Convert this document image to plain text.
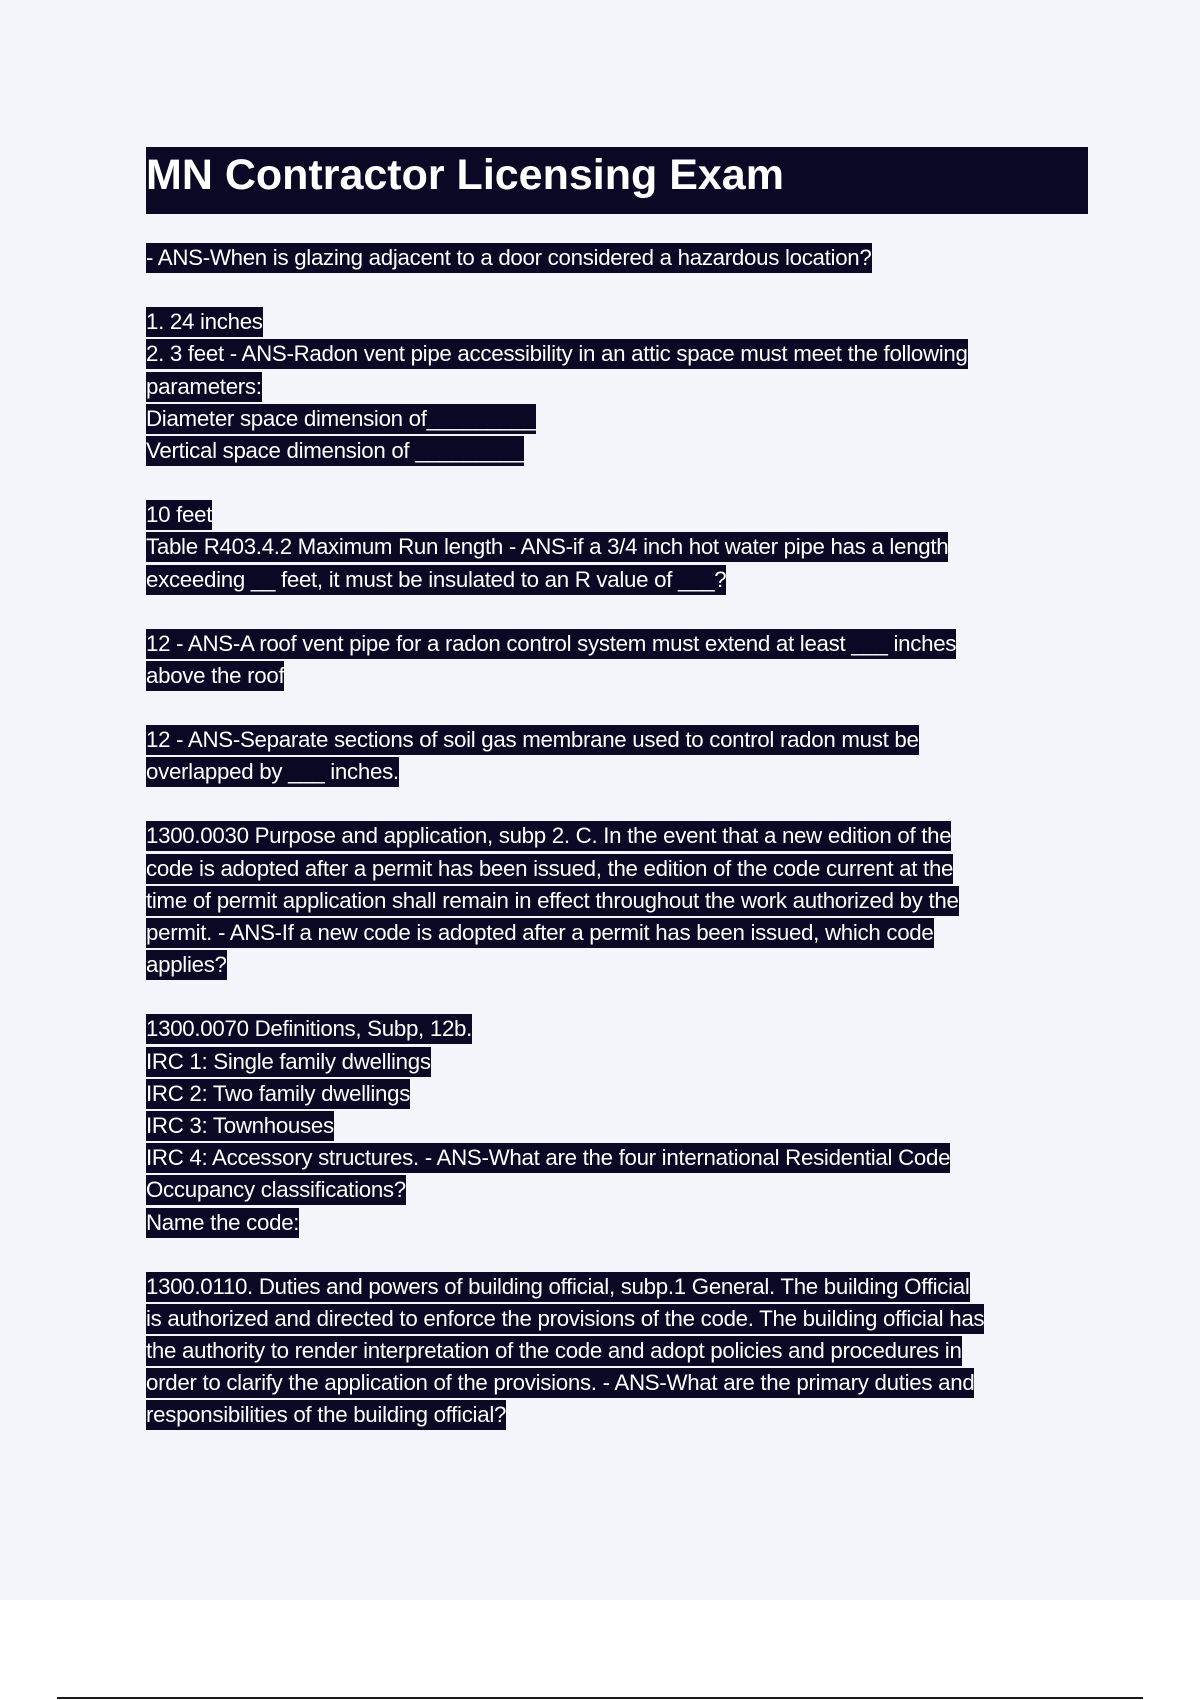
MN Contractor Licensing Exam
- ANS-When is glazing adjacent to a door considered a hazardous location?
1. 24 inches
2. 3 feet - ANS-Radon vent pipe accessibility in an attic space must meet the following
parameters:
Diameter space dimension of_________
Vertical space dimension of _________
10 feet
Table R403.4.2 Maximum Run length - ANS-if a 3/4 inch hot water pipe has a length
exceeding __ feet, it must be insulated to an R value of ___?
12 - ANS-A roof vent pipe for a radon control system must extend at least ___ inches
above the roof
12 - ANS-Separate sections of soil gas membrane used to control radon must be
overlapped by ___ inches.
1300.0030 Purpose and application, subp 2. C. In the event that a new edition of the
code is adopted after a permit has been issued, the edition of the code current at the
time of permit application shall remain in effect throughout the work authorized by the
permit. - ANS-If a new code is adopted after a permit has been issued, which code
applies?
1300.0070 Definitions, Subp, 12b.
IRC 1: Single family dwellings
IRC 2: Two family dwellings
IRC 3: Townhouses
IRC 4: Accessory structures. - ANS-What are the four international Residential Code
Occupancy classifications?
Name the code:
1300.0110. Duties and powers of building official, subp.1 General. The building Official
is authorized and directed to enforce the provisions of the code. The building official has
the authority to render interpretation of the code and adopt policies and procedures in
order to clarify the application of the provisions. - ANS-What are the primary duties and
responsibilities of the building official?
